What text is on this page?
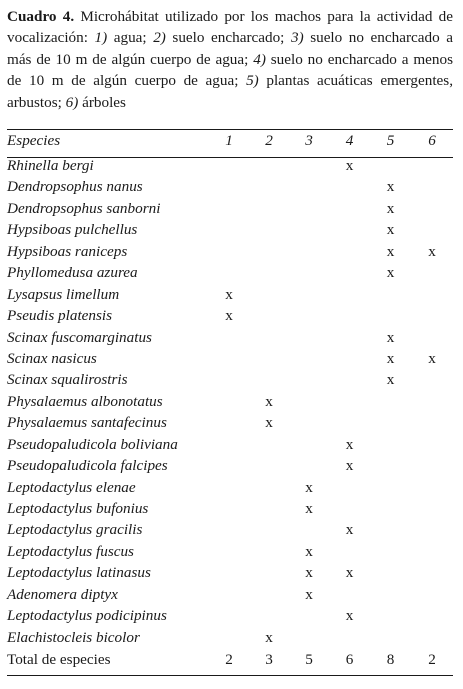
Cuadro 4. Microhábitat utilizado por los machos para la actividad de vocalización: 1) agua; 2) suelo encharcado; 3) suelo no encharcado a más de 10 m de algún cuerpo de agua; 4) suelo no encharcado a menos de 10 m de algún cuerpo de agua; 5) plantas acuáticas emergentes, arbustos; 6) árboles
Especies	1	2	3	4	5	6
Rhinella bergi				x		
Dendropsophus nanus					x	
Dendropsophus sanborni					x	
Hypsiboas pulchellus					x	
Hypsiboas raniceps					x	x
Phyllomedusa azurea					x	
Lysapsus limellum	x					
Pseudis platensis	x					
Scinax fuscomarginatus					x	
Scinax nasicus					x	x
Scinax squalirostris					x	
Physalaemus albonotatus		x				
Physalaemus santafecinus		x				
Pseudopaludicola boliviana				x		
Pseudopaludicola falcipes				x		
Leptodactylus elenae			x			
Leptodactylus bufonius			x			
Leptodactylus gracilis				x		
Leptodactylus fuscus			x			
Leptodactylus latinasus			x	x		
Adenomera diptyx			x			
Leptodactylus podicipinus				x		
Elachistocleis bicolor		x				
Total de especies	2	3	5	6	8	2
